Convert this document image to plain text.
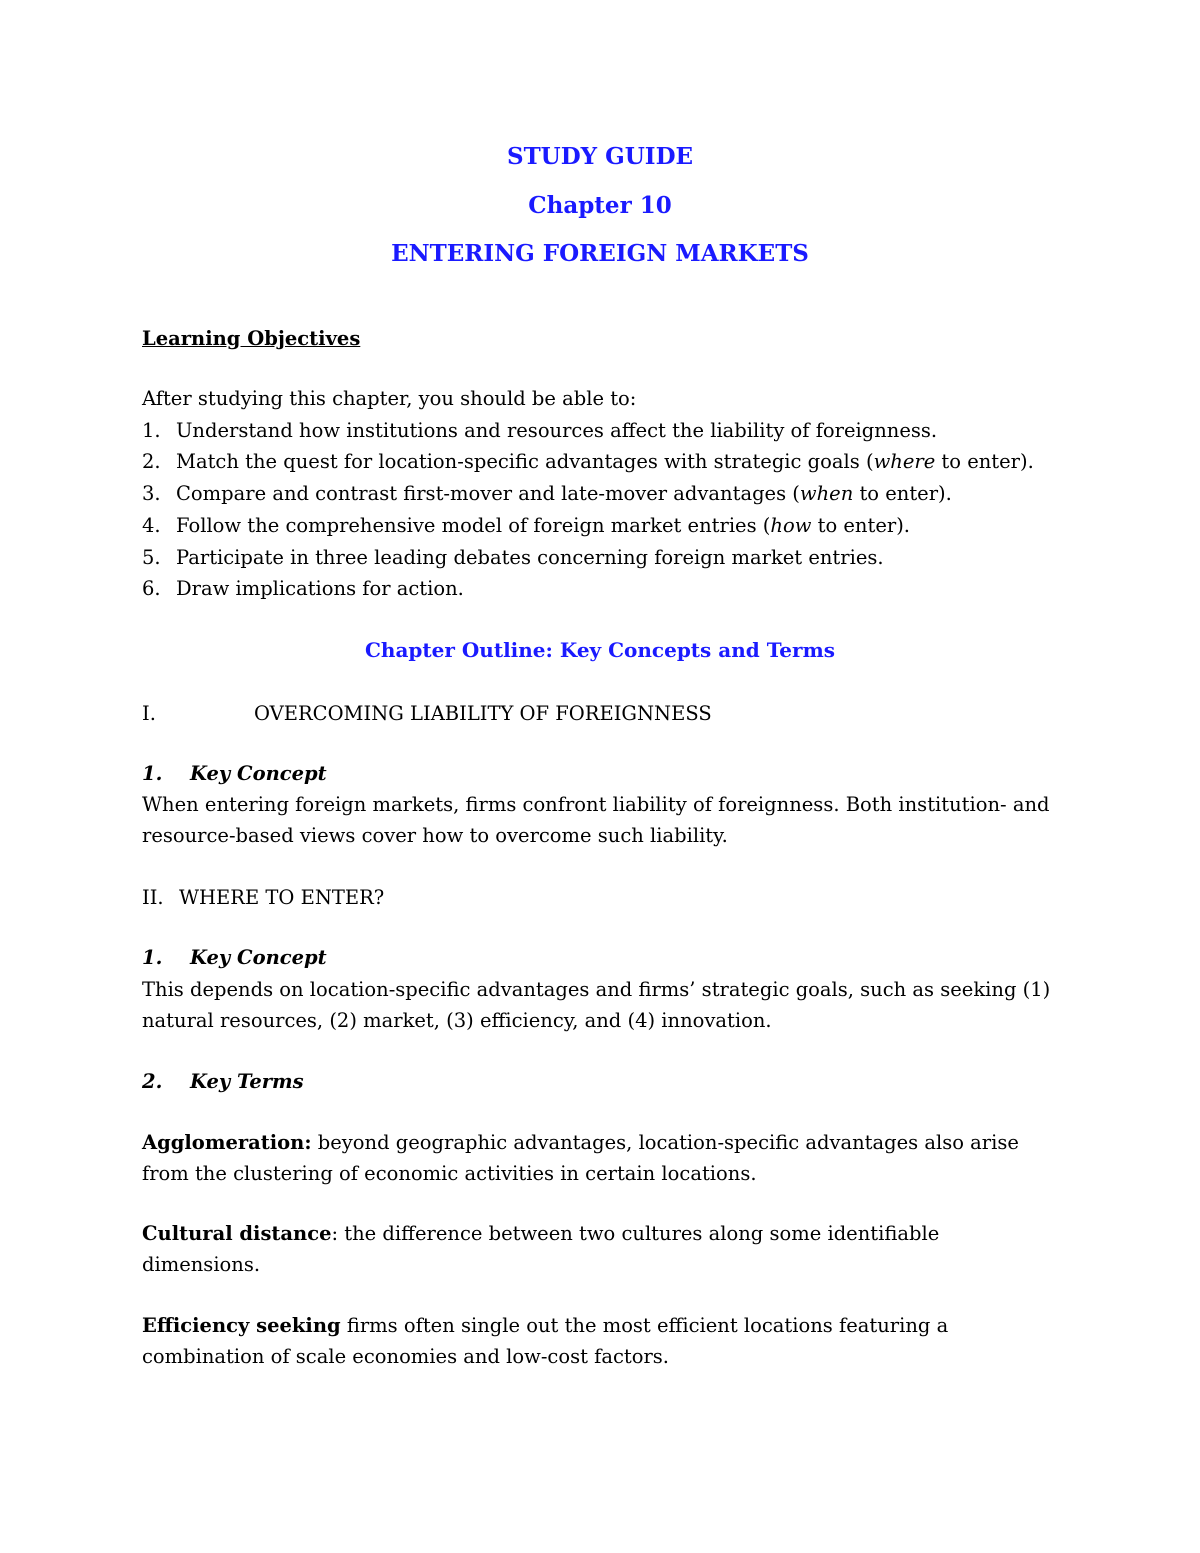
STUDY GUIDE
Chapter 10
ENTERING FOREIGN MARKETS
Learning Objectives
After studying this chapter, you should be able to:
1. Understand how institutions and resources affect the liability of foreignness.
2. Match the quest for location-specific advantages with strategic goals (where to enter).
3. Compare and contrast first-mover and late-mover advantages (when to enter).
4. Follow the comprehensive model of foreign market entries (how to enter).
5. Participate in three leading debates concerning foreign market entries.
6. Draw implications for action.
Chapter Outline: Key Concepts and Terms
I.	OVERCOMING LIABILITY OF FOREIGNNESS
1. Key Concept
When entering foreign markets, firms confront liability of foreignness. Both institution- and resource-based views cover how to overcome such liability.
II. WHERE TO ENTER?
1. Key Concept
This depends on location-specific advantages and firms’ strategic goals, such as seeking (1) natural resources, (2) market, (3) efficiency, and (4) innovation.
2. Key Terms
Agglomeration: beyond geographic advantages, location-specific advantages also arise from the clustering of economic activities in certain locations.
Cultural distance: the difference between two cultures along some identifiable dimensions.
Efficiency seeking firms often single out the most efficient locations featuring a combination of scale economies and low-cost factors.
